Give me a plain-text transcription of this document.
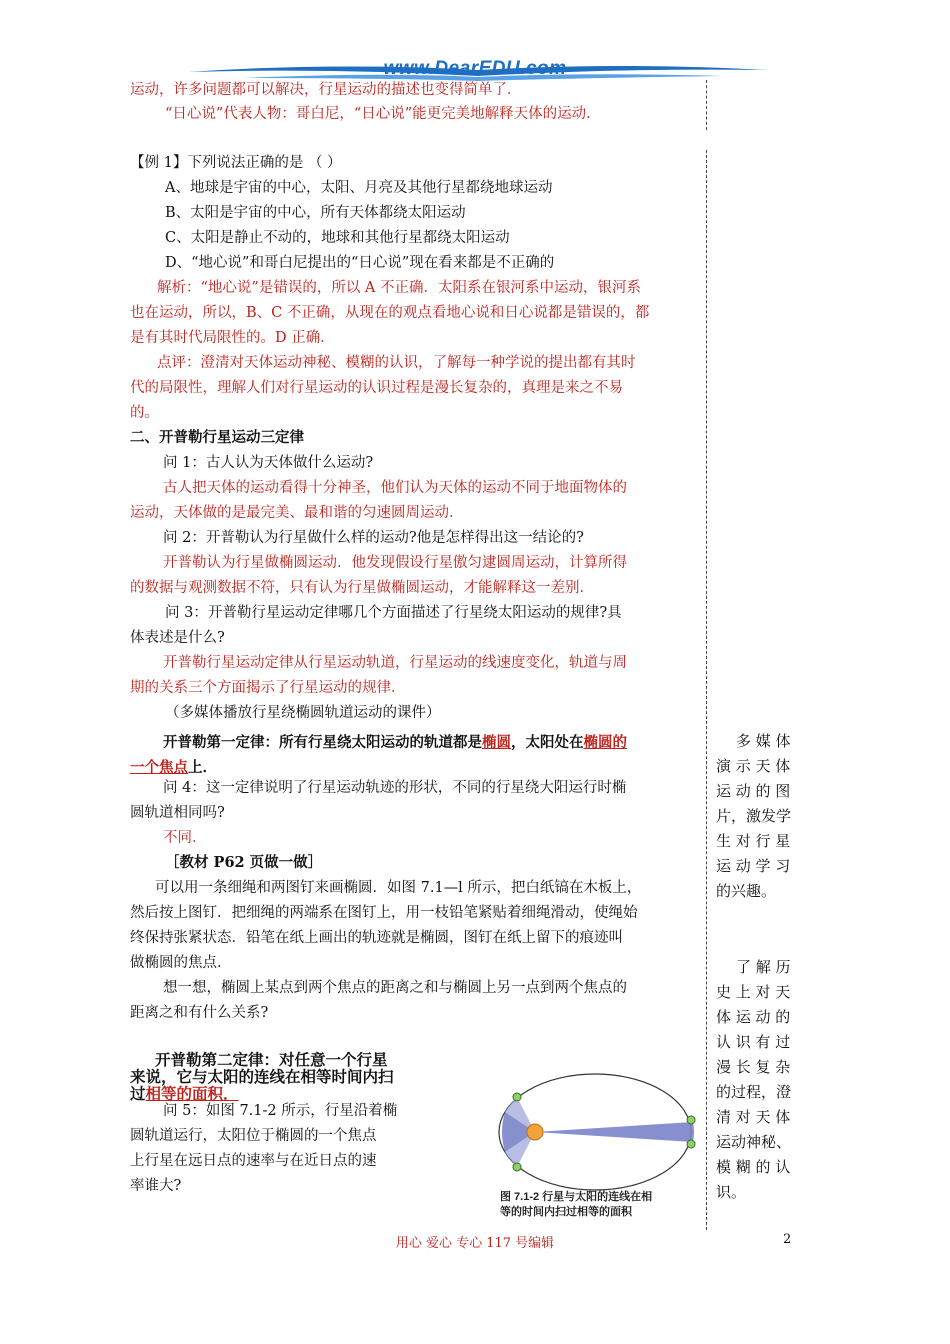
www.DearEDU.com
运动，许多问题都可以解决，行星运动的描述也变得简单了．
“日心说”代表人物：哥白尼，“日心说”能更完美地解释天体的运动．
【例 1】下列说法正确的是 （ ）
A、地球是宇宙的中心，太阳、月亮及其他行星都绕地球运动
B、太阳是宇宙的中心，所有天体都绕太阳运动
C、太阳是静止不动的，地球和其他行星都绕太阳运动
D、“地心说”和哥白尼提出的“日心说”现在看来都是不正确的
解析：“地心说”是错误的，所以 A 不正确．太阳系在银河系中运动，银河系
也在运动，所以，B、C 不正确，从现在的观点看地心说和日心说都是错误的，都
是有其时代局限性的。D 正确．
点评：澄清对天体运动神秘、模糊的认识，了解每一种学说的提出都有其时
代的局限性，理解人们对行星运动的认识过程是漫长复杂的，真理是来之不易
的。
二、开普勒行星运动三定律
问 1：古人认为天体做什么运动?
古人把天体的运动看得十分神圣，他们认为天体的运动不同于地面物体的
运动，天体做的是最完美、最和谐的匀速圆周运动．
问 2：开普勒认为行星做什么样的运动?他是怎样得出这一结论的?
开普勒认为行星做椭圆运动．他发现假设行星傲匀逮圆周运动，计算所得
的数据与观测数据不符，只有认为行星做椭圆运动，才能解释这一差别．
问 3：开普勒行星运动定律哪几个方面描述了行星绕太阳运动的规律?具
体表述是什么?
开普勒行星运动定律从行星运动轨道，行星运动的线速度变化，轨道与周
期的关系三个方面揭示了行星运动的规律．
（多媒体播放行星绕椭圆轨道运动的课件）
问 4：这一定律说明了行星运动轨迹的形状，不同的行星绕大阳运行时椭
圆轨道相同吗?
不同．
［教材 P62 页做一做］
可以用一条细绳和两图钉来画椭圆．如图 7.1—l 所示，把白纸镐在木板上，
然后按上图钉．把细绳的两端系在图钉上，用一枝铅笔紧贴着细绳滑动，使绳始
终保持张紧状态．铅笔在纸上画出的轨迹就是椭圆，图钉在纸上留下的痕迹叫
做椭圆的焦点．
想一想，椭圆上某点到两个焦点的距离之和与椭圆上另一点到两个焦点的
距离之和有什么关系?
问 5：如图 7.1-2 所示，行星沿着椭
圆轨道运行，太阳位于椭圆的一个焦点
上行星在远日点的速率与在近日点的速
率谁大?
开普勒第一定律：所有行星绕太阳运动的轨道都是椭圆，太阳处在椭圆的
一个焦点上．
开普勒第二定律：对任意一个行星
来说，它与太阳的连线在相等时间内扫
过相等的面积．
多 媒 体
演 示 天 体
运 动 的 图
片，激发学
生 对 行 星
运 动 学 习
的兴趣。
了 解 历
史 上 对 天
体 运 动 的
认 识 有 过
漫 长 复 杂
的过程，澄
清 对 天 体
运动神秘、
模 糊 的 认
识。
图 7.1-2 行星与太阳的连线在相
等的时间内扫过相等的面积
用心 爱心 专心 117 号编辑	2
